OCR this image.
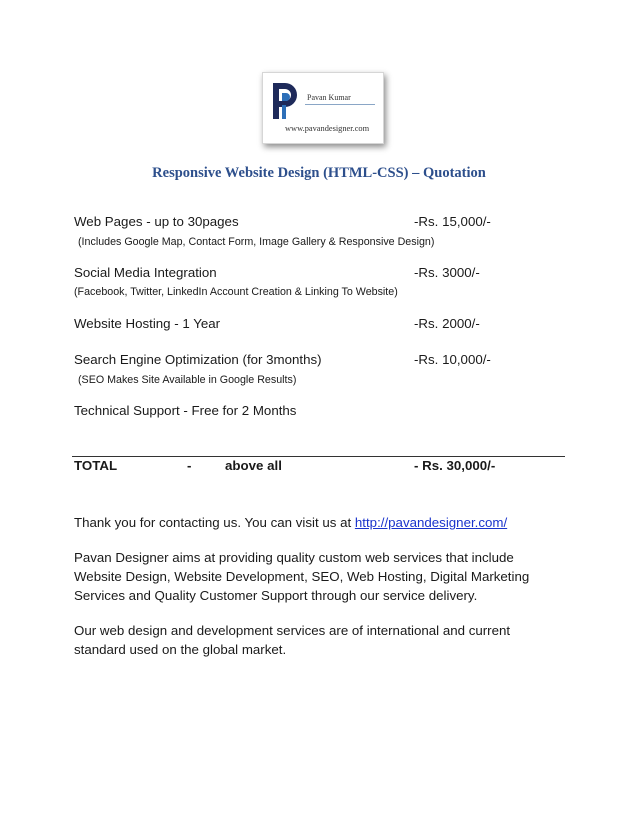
Pavan Kumar
www.pavandesigner.com
Responsive Website Design (HTML-CSS) – Quotation
Web Pages - up to 30pages	-Rs. 15,000/-
(Includes Google Map, Contact Form, Image Gallery & Responsive Design)
Social Media Integration	-Rs. 3000/-
(Facebook, Twitter, LinkedIn Account Creation & Linking To Website)
Website Hosting - 1 Year	-Rs. 2000/-
Search Engine Optimization (for 3months)	-Rs. 10,000/-
(SEO Makes Site Available in Google Results)
Technical Support - Free for 2 Months
TOTAL	-	above all	- Rs. 30,000/-
Thank you for contacting us. You can visit us at http://pavandesigner.com/
Pavan Designer aims at providing quality custom web services that include Website Design, Website Development, SEO, Web Hosting, Digital Marketing Services and Quality Customer Support through our service delivery.
Our web design and development services are of international and current standard used on the global market.
